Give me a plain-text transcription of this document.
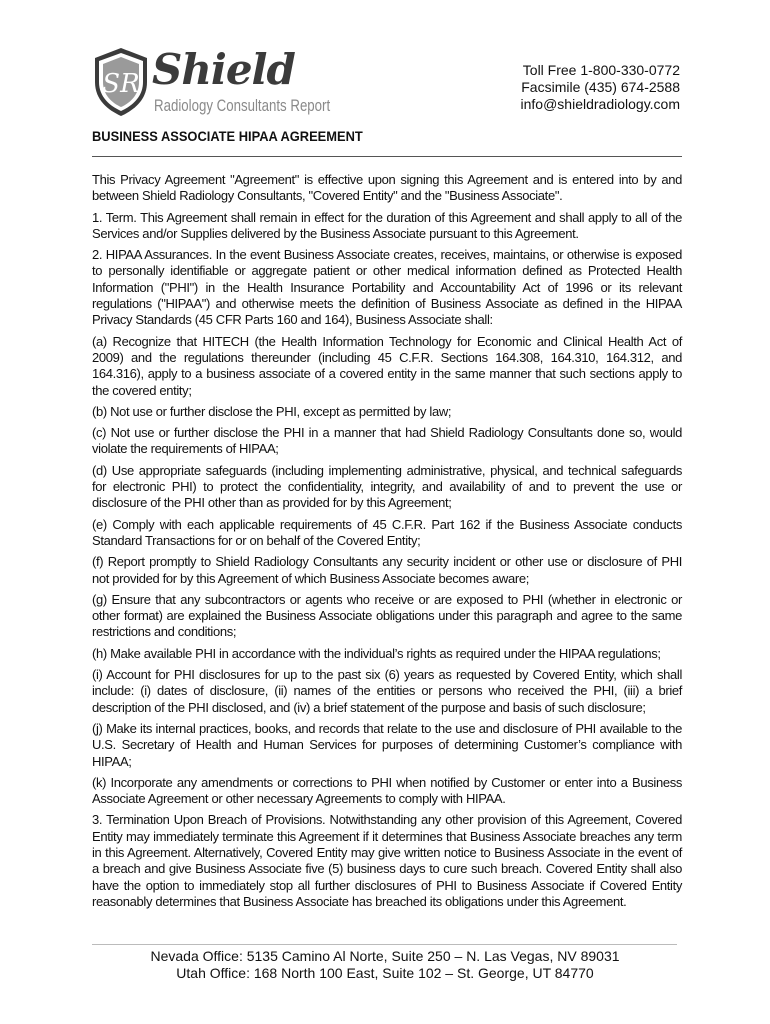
SR Shield
Radiology Consultants Report
Toll Free 1-800-330-0772
Facsimile (435) 674-2588
info@shieldradiology.com
BUSINESS ASSOCIATE HIPAA AGREEMENT

This Privacy Agreement "Agreement" is effective upon signing this Agreement and is entered into by and between Shield Radiology Consultants, "Covered Entity" and the "Business Associate".

1. Term. This Agreement shall remain in effect for the duration of this Agreement and shall apply to all of the Services and/or Supplies delivered by the Business Associate pursuant to this Agreement.

2. HIPAA Assurances. In the event Business Associate creates, receives, maintains, or otherwise is exposed to personally identifiable or aggregate patient or other medical information defined as Protected Health Information ("PHI") in the Health Insurance Portability and Accountability Act of 1996 or its relevant regulations ("HIPAA") and otherwise meets the definition of Business Associate as defined in the HIPAA Privacy Standards (45 CFR Parts 160 and 164), Business Associate shall:

(a) Recognize that HITECH (the Health Information Technology for Economic and Clinical Health Act of 2009) and the regulations thereunder (including 45 C.F.R. Sections 164.308, 164.310, 164.312, and 164.316), apply to a business associate of a covered entity in the same manner that such sections apply to the covered entity;

(b) Not use or further disclose the PHI, except as permitted by law;

(c) Not use or further disclose the PHI in a manner that had Shield Radiology Consultants done so, would violate the requirements of HIPAA;

(d) Use appropriate safeguards (including implementing administrative, physical, and technical safeguards for electronic PHI) to protect the confidentiality, integrity, and availability of and to prevent the use or disclosure of the PHI other than as provided for by this Agreement;

(e) Comply with each applicable requirements of 45 C.F.R. Part 162 if the Business Associate conducts Standard Transactions for or on behalf of the Covered Entity;

(f) Report promptly to Shield Radiology Consultants any security incident or other use or disclosure of PHI not provided for by this Agreement of which Business Associate becomes aware;

(g) Ensure that any subcontractors or agents who receive or are exposed to PHI (whether in electronic or other format) are explained the Business Associate obligations under this paragraph and agree to the same restrictions and conditions;

(h) Make available PHI in accordance with the individual’s rights as required under the HIPAA regulations;

(i) Account for PHI disclosures for up to the past six (6) years as requested by Covered Entity, which shall include: (i) dates of disclosure, (ii) names of the entities or persons who received the PHI, (iii) a brief description of the PHI disclosed, and (iv) a brief statement of the purpose and basis of such disclosure;

(j) Make its internal practices, books, and records that relate to the use and disclosure of PHI available to the U.S. Secretary of Health and Human Services for purposes of determining Customer’s compliance with HIPAA;

(k) Incorporate any amendments or corrections to PHI when notified by Customer or enter into a Business Associate Agreement or other necessary Agreements to comply with HIPAA.

3. Termination Upon Breach of Provisions. Notwithstanding any other provision of this Agreement, Covered Entity may immediately terminate this Agreement if it determines that Business Associate breaches any term in this Agreement. Alternatively, Covered Entity may give written notice to Business Associate in the event of a breach and give Business Associate five (5) business days to cure such breach. Covered Entity shall also have the option to immediately stop all further disclosures of PHI to Business Associate if Covered Entity reasonably determines that Business Associate has breached its obligations under this Agreement.

Nevada Office: 5135 Camino Al Norte, Suite 250 – N. Las Vegas, NV 89031
Utah Office: 168 North 100 East, Suite 102 – St. George, UT 84770
